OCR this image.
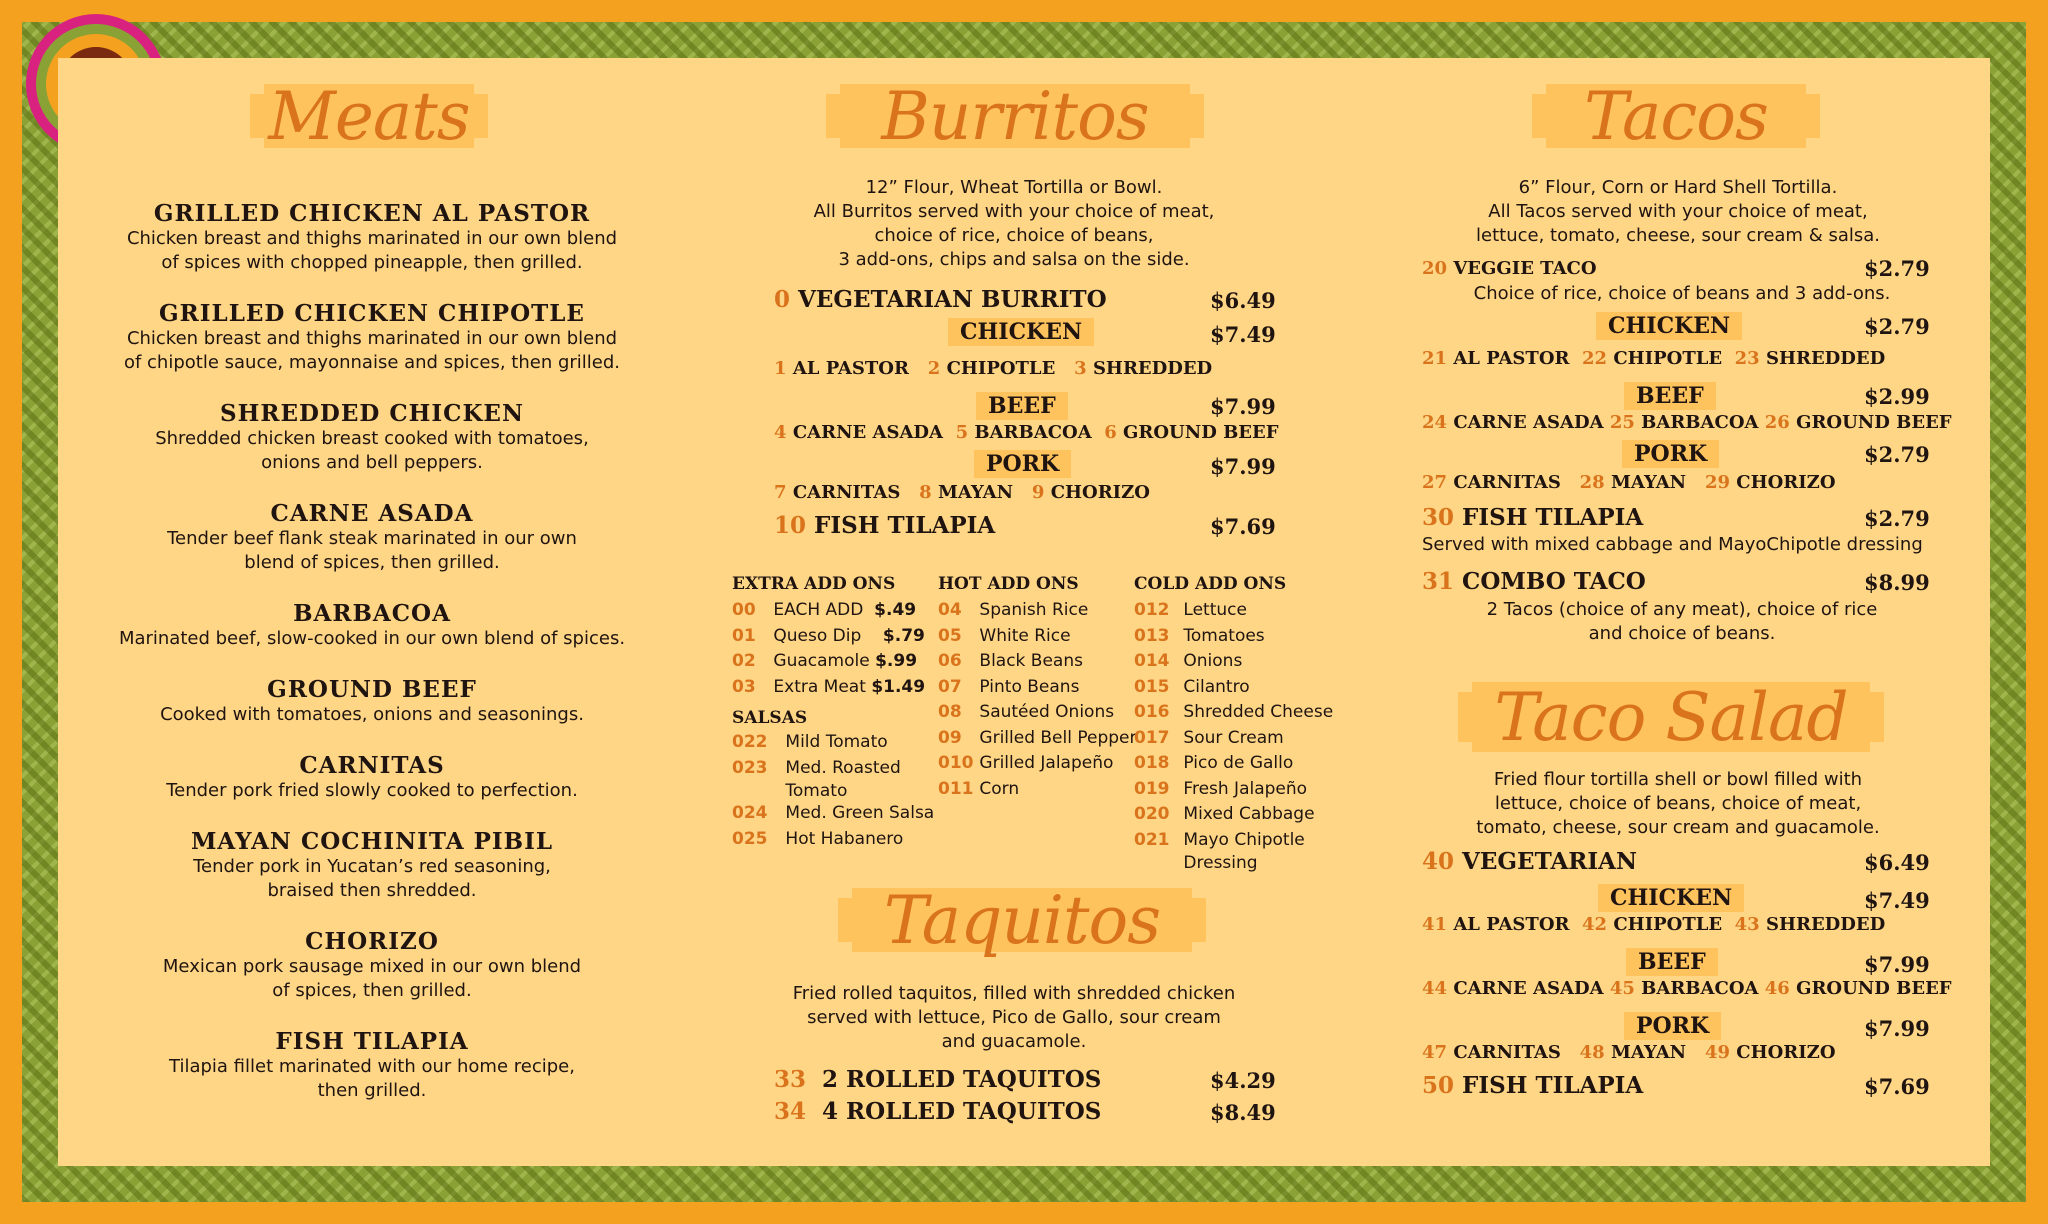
Meats
GRILLED CHICKEN AL PASTOR
Chicken breast and thighs marinated in our own blend
of spices with chopped pineapple, then grilled.
GRILLED CHICKEN CHIPOTLE
Chicken breast and thighs marinated in our own blend
of chipotle sauce, mayonnaise and spices, then grilled.
SHREDDED CHICKEN
Shredded chicken breast cooked with tomatoes,
onions and bell peppers.
CARNE ASADA
Tender beef flank steak marinated in our own
blend of spices, then grilled.
BARBACOA
Marinated beef, slow-cooked in our own blend of spices.
GROUND BEEF
Cooked with tomatoes, onions and seasonings.
CARNITAS
Tender pork fried slowly cooked to perfection.
MAYAN COCHINITA PIBIL
Tender pork in Yucatan’s red seasoning,
braised then shredded.
CHORIZO
Mexican pork sausage mixed in our own blend
of spices, then grilled.
FISH TILAPIA
Tilapia fillet marinated with our home recipe,
then grilled.
Burritos
12” Flour, Wheat Tortilla or Bowl.
All Burritos served with your choice of meat,
choice of rice, choice of beans,
3 add-ons, chips and salsa on the side.
0 VEGETARIAN BURRITO	$6.49
CHICKEN	$7.49
1 AL PASTOR 2 CHIPOTLE 3 SHREDDED
BEEF	$7.99
4 CARNE ASADA 5 BARBACOA 6 GROUND BEEF
PORK	$7.99
7 CARNITAS 8 MAYAN 9 CHORIZO
10 FISH TILAPIA	$7.69
EXTRA ADD ONS
00 EACH ADD $.49
01 Queso Dip $.79
02 Guacamole $.99
03 Extra Meat $1.49
SALSAS
022 Mild Tomato
023 Med. Roasted
Tomato
024 Med. Green Salsa
025 Hot Habanero
HOT ADD ONS
04 Spanish Rice
05 White Rice
06 Black Beans
07 Pinto Beans
08 Sautéed Onions
09 Grilled Bell Pepper
010 Grilled Jalapeño
011 Corn
COLD ADD ONS
012 Lettuce
013 Tomatoes
014 Onions
015 Cilantro
016 Shredded Cheese
017 Sour Cream
018 Pico de Gallo
019 Fresh Jalapeño
020 Mixed Cabbage
021 Mayo Chipotle
Dressing
Taquitos
Fried rolled taquitos, filled with shredded chicken
served with lettuce, Pico de Gallo, sour cream
and guacamole.
33 2 ROLLED TAQUITOS	$4.29
34 4 ROLLED TAQUITOS	$8.49
Tacos
6” Flour, Corn or Hard Shell Tortilla.
All Tacos served with your choice of meat,
lettuce, tomato, cheese, sour cream & salsa.
20 VEGGIE TACO	$2.79
Choice of rice, choice of beans and 3 add-ons.
CHICKEN	$2.79
21 AL PASTOR 22 CHIPOTLE 23 SHREDDED
BEEF	$2.99
24 CARNE ASADA 25 BARBACOA 26 GROUND BEEF
PORK	$2.79
27 CARNITAS 28 MAYAN 29 CHORIZO
30 FISH TILAPIA	$2.79
Served with mixed cabbage and MayoChipotle dressing
31 COMBO TACO	$8.99
2 Tacos (choice of any meat), choice of rice
and choice of beans.
Taco Salad
Fried flour tortilla shell or bowl filled with
lettuce, choice of beans, choice of meat,
tomato, cheese, sour cream and guacamole.
40 VEGETARIAN	$6.49
CHICKEN	$7.49
41 AL PASTOR 42 CHIPOTLE 43 SHREDDED
BEEF	$7.99
44 CARNE ASADA 45 BARBACOA 46 GROUND BEEF
PORK	$7.99
47 CARNITAS 48 MAYAN 49 CHORIZO
50 FISH TILAPIA	$7.69
